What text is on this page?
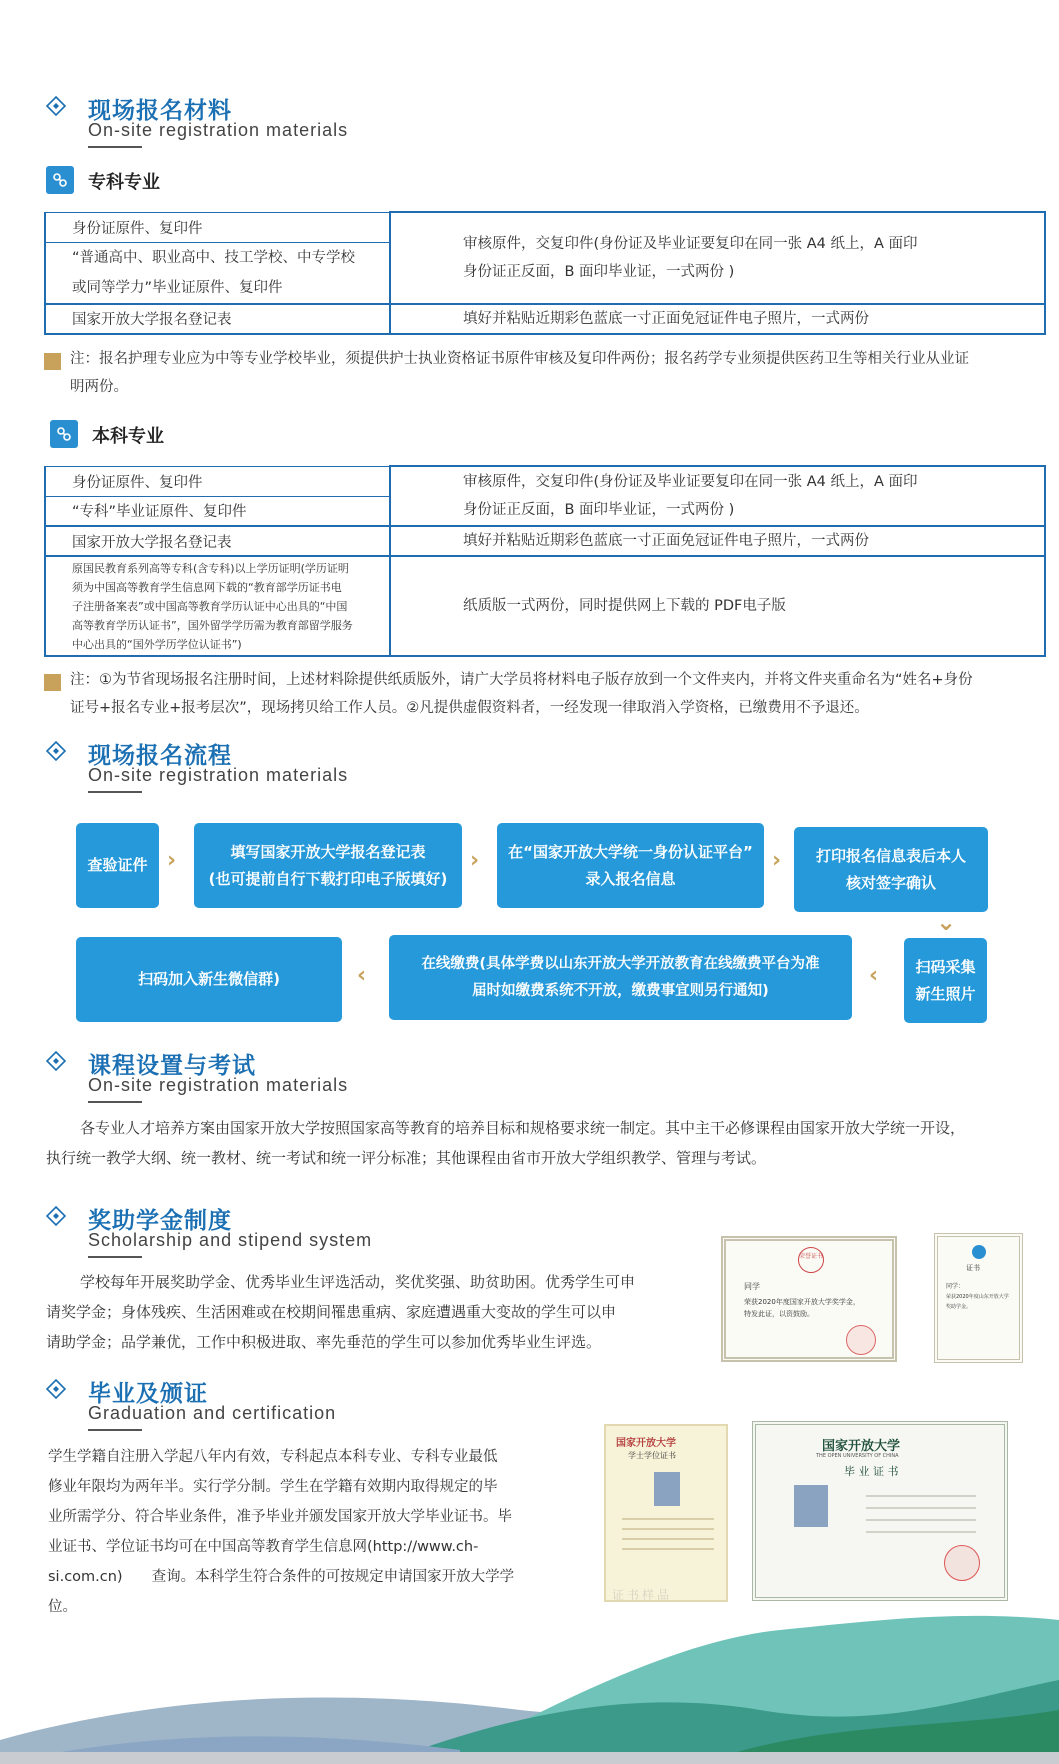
现场报名材料
On-site registration materials
专科专业
身份证原件、复印件	审核原件，交复印件(身份证及毕业证要复印在同一张 A4 纸上，A 面印
身份证正反面，B 面印毕业证，一式两份 )

“普通高中、职业高中、技工学校、中专学校
或同等学力”毕业证原件、复印件	

国家开放大学报名登记表	填好并粘贴近期彩色蓝底一寸正面免冠证件电子照片，一式两份
注：报名护理专业应为中等专业学校毕业，须提供护士执业资格证书原件审核及复印件两份；报名药学专业须提供医药卫生等相关行业从业证
明两份。
本科专业
身份证原件、复印件	审核原件，交复印件(身份证及毕业证要复印在同一张 A4 纸上，A 面印
身份证正反面，B 面印毕业证，一式两份 )

“专科”毕业证原件、复印件	
国家开放大学报名登记表	填好并粘贴近期彩色蓝底一寸正面免冠证件电子照片，一式两份

原国民教育系列高等专科(含专科)以上学历证明(学历证明
须为中国高等教育学生信息网下载的“教育部学历证书电
子注册备案表”或中国高等教育学历认证中心出具的“中国
高等教育学历认证书”，国外留学学历需为教育部留学服务
中心出具的“国外学历学位认证书”)	纸质版一式两份，同时提供网上下载的 PDF电子版
注：①为节省现场报名注册时间，上述材料除提供纸质版外，请广大学员将材料电子版存放到一个文件夹内，并将文件夹重命名为“姓名+身份
证号+报名专业+报考层次”，现场拷贝给工作人员。②凡提供虚假资料者，一经发现一律取消入学资格，已缴费用不予退还。
现场报名流程
On-site registration materials
查验证件 ›	填写国家开放大学报名登记表
(也可提前自行下载打印电子版填好)
› 在“国家开放大学统一身份认证平台”
录入报名信息
› 打印报名信息表后本人
核对签字确认
⌄
扫码采集
新生照片
‹
在线缴费(具体学费以山东开放大学开放教育在线缴费平台为准
届时如缴费系统不开放，缴费事宜则另行通知)
‹
扫码加入新生微信群)
课程设置与考试
On-site registration materials
各专业人才培养方案由国家开放大学按照国家高等教育的培养目标和规格要求统一制定。其中主干必修课程由国家开放大学统一开设，
执行统一教学大纲、统一教材、统一考试和统一评分标准；其他课程由省市开放大学组织教学、管理与考试。
奖助学金制度
Scholarship and stipend system
学校每年开展奖助学金、优秀毕业生评选活动，奖优奖强、助贫助困。优秀学生可申
请奖学金；身体残疾、生活困难或在校期间罹患重病、家庭遭遇重大变故的学生可以申
请助学金；品学兼优，工作中积极进取、率先垂范的学生可以参加优秀毕业生评选。
荣誉证书
同学
荣获2020年度国家开放大学奖学金，
特发此证，以资鼓励。
证书
同学：
荣获2020年度山东开放大学
奖助学金。
毕业及颁证
Graduation and certification
学生学籍自注册入学起八年内有效，专科起点本科专业、专科专业最低
修业年限均为两年半。实行学分制。学生在学籍有效期内取得规定的毕
业所需学分、符合毕业条件，准予毕业并颁发国家开放大学毕业证书。毕
业证书、学位证书均可在中国高等教育学生信息网(http://www.ch-
si.com.cn)　　查询。本科学生符合条件的可按规定申请国家开放大学学
位。
国家开放大学
学士学位证书
国家开放大学
THE OPEN UNIVERSITY OF CHINA
毕 业 证 书
证书样品
